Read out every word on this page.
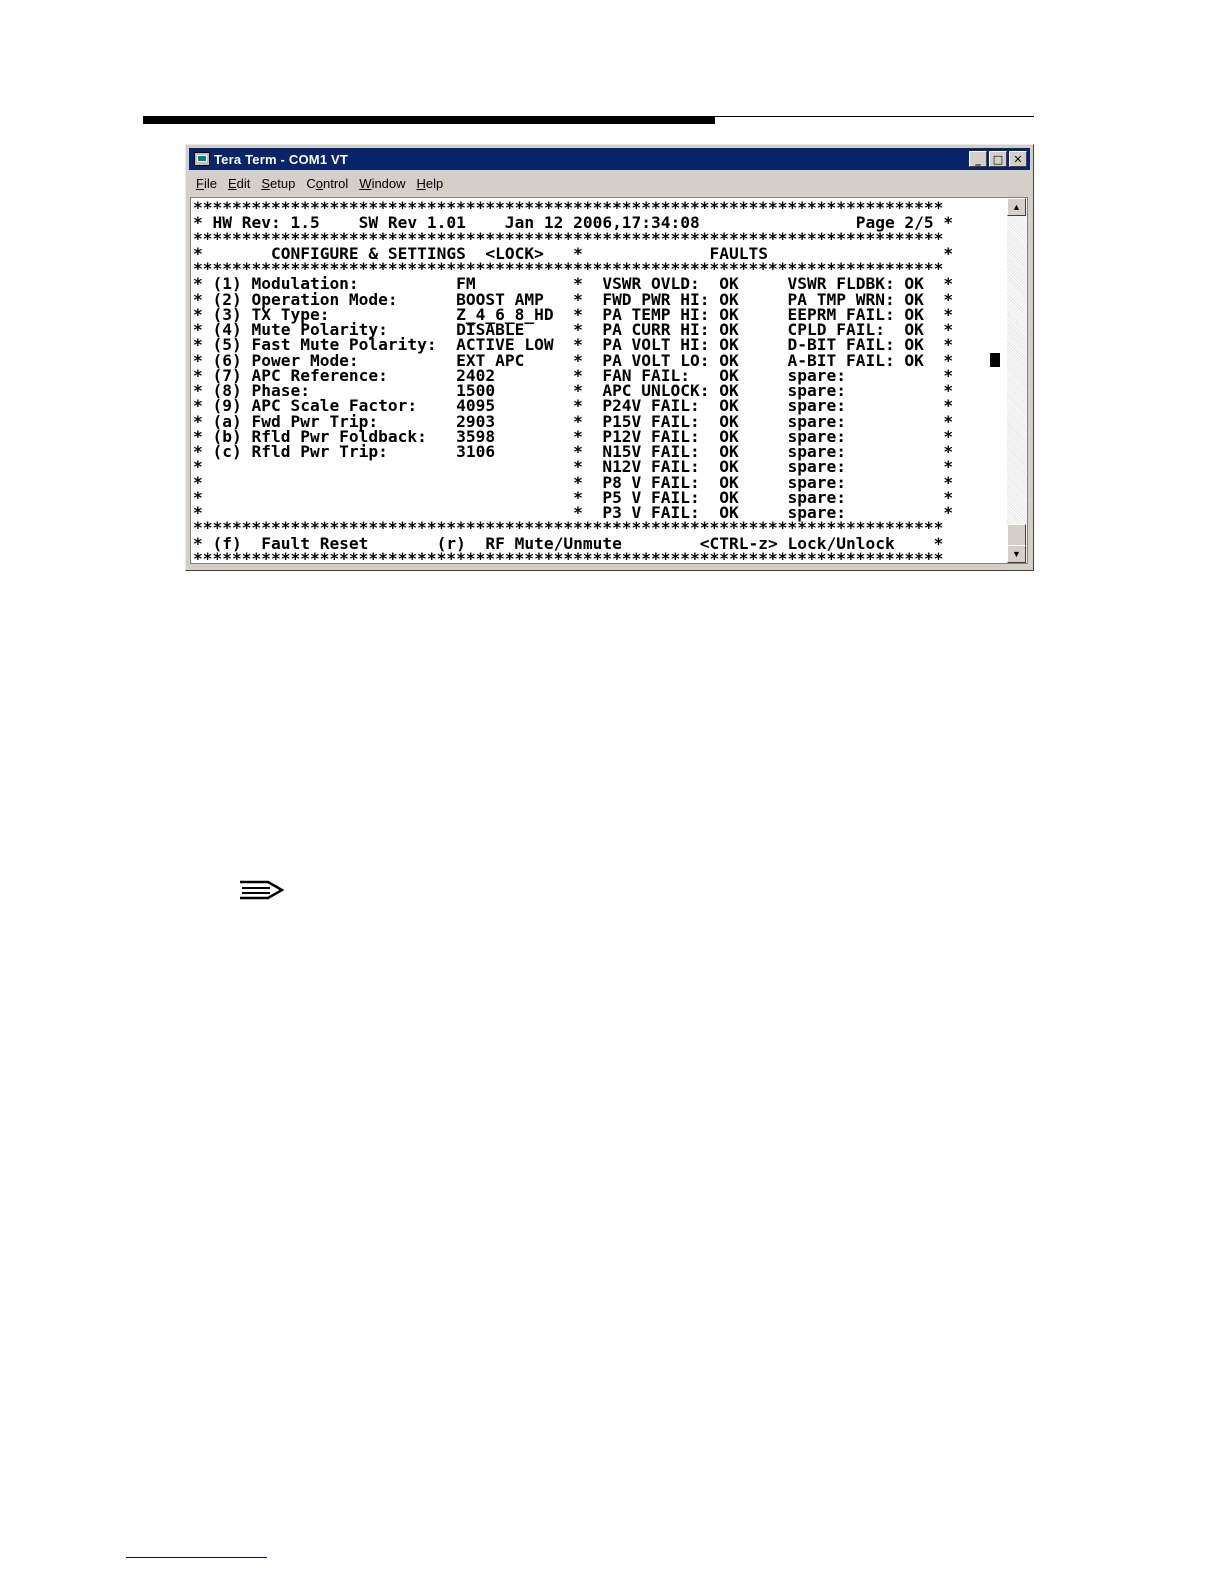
Tera Term - COM1 VT	_	□ ✕
File Edit Setup Control Window Help
*****************************************************************************
* HW Rev: 1.5    SW Rev 1.01    Jan 12 2006,17:34:08                Page 2/5 *
*****************************************************************************
*       CONFIGURE & SETTINGS  <LOCK>   *             FAULTS                  *
*****************************************************************************
* (1) Modulation:          FM          *  VSWR OVLD:  OK     VSWR FLDBK: OK  *
* (2) Operation Mode:      BOOST AMP   *  FWD PWR HI: OK     PA TMP WRN: OK  *
* (3) TX Type:             Z_4_6_8_HD  *  PA TEMP HI: OK     EEPRM FAIL: OK  *
* (4) Mute Polarity:       DISABLE     *  PA CURR HI: OK     CPLD FAIL:  OK  *
* (5) Fast Mute Polarity:  ACTIVE LOW  *  PA VOLT HI: OK     D-BIT FAIL: OK  *
* (6) Power Mode:          EXT APC     *  PA VOLT LO: OK     A-BIT FAIL: OK  *
* (7) APC Reference:       2402        *  FAN FAIL:   OK     spare:          *
* (8) Phase:               1500        *  APC UNLOCK: OK     spare:          *
* (9) APC Scale Factor:    4095        *  P24V FAIL:  OK     spare:          *
* (a) Fwd Pwr Trip:        2903        *  P15V FAIL:  OK     spare:          *
* (b) Rfld Pwr Foldback:   3598        *  P12V FAIL:  OK     spare:          *
* (c) Rfld Pwr Trip:       3106        *  N15V FAIL:  OK     spare:          *
*                                      *  N12V FAIL:  OK     spare:          *
*                                      *  P8 V FAIL:  OK     spare:          *
*                                      *  P5 V FAIL:  OK     spare:          *
*                                      *  P3 V FAIL:  OK     spare:          *
*****************************************************************************
* (f)  Fault Reset       (r)  RF Mute/Unmute        <CTRL-z> Lock/Unlock    *
*****************************************************************************
▲
▼
